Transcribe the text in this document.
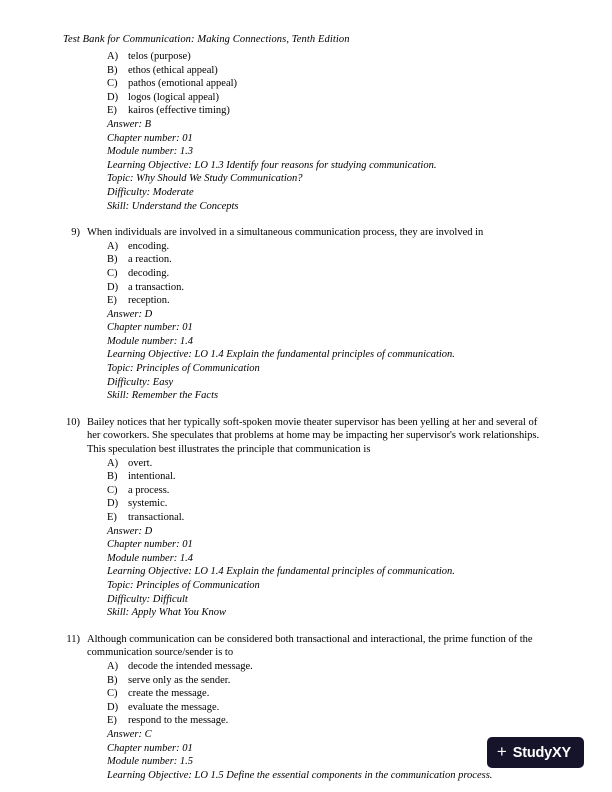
Test Bank for Communication: Making Connections, Tenth Edition
A) telos (purpose)
B)	ethos (ethical appeal)
C)	pathos (emotional appeal)
D) logos (logical appeal)
E)	kairos (effective timing)
Answer: B
Chapter number: 01
Module number: 1.3
Learning Objective: LO 1.3 Identify four reasons for studying communication.
Topic: Why Should We Study Communication?
Difficulty: Moderate
Skill: Understand the Concepts
9) When individuals are involved in a simultaneous communication process, they are involved in
A) encoding.
B)	a reaction.
C)	decoding.
D) a transaction.
E)	reception.
Answer: D
Chapter number: 01
Module number: 1.4
Learning Objective: LO 1.4 Explain the fundamental principles of communication.
Topic: Principles of Communication
Difficulty: Easy
Skill: Remember the Facts
10) Bailey notices that her typically soft-spoken movie theater supervisor has been yelling at her and several of her coworkers. She speculates that problems at home may be impacting her supervisor's work relationships. This speculation best illustrates the principle that communication is
A) overt.
B)	intentional.
C)	a process.
D) systemic.
E)	transactional.
Answer: D
Chapter number: 01
Module number: 1.4
Learning Objective: LO 1.4 Explain the fundamental principles of communication.
Topic: Principles of Communication
Difficulty: Difficult
Skill: Apply What You Know
11) Although communication can be considered both transactional and interactional, the prime function of the communication source/sender is to
A) decode the intended message.
B)	serve only as the sender.
C)	create the message.
D) evaluate the message.
E)	respond to the message.
Answer: C
Chapter number: 01
Module number: 1.5
Learning Objective: LO 1.5 Define the essential components in the communication process.
+ StudyXY
